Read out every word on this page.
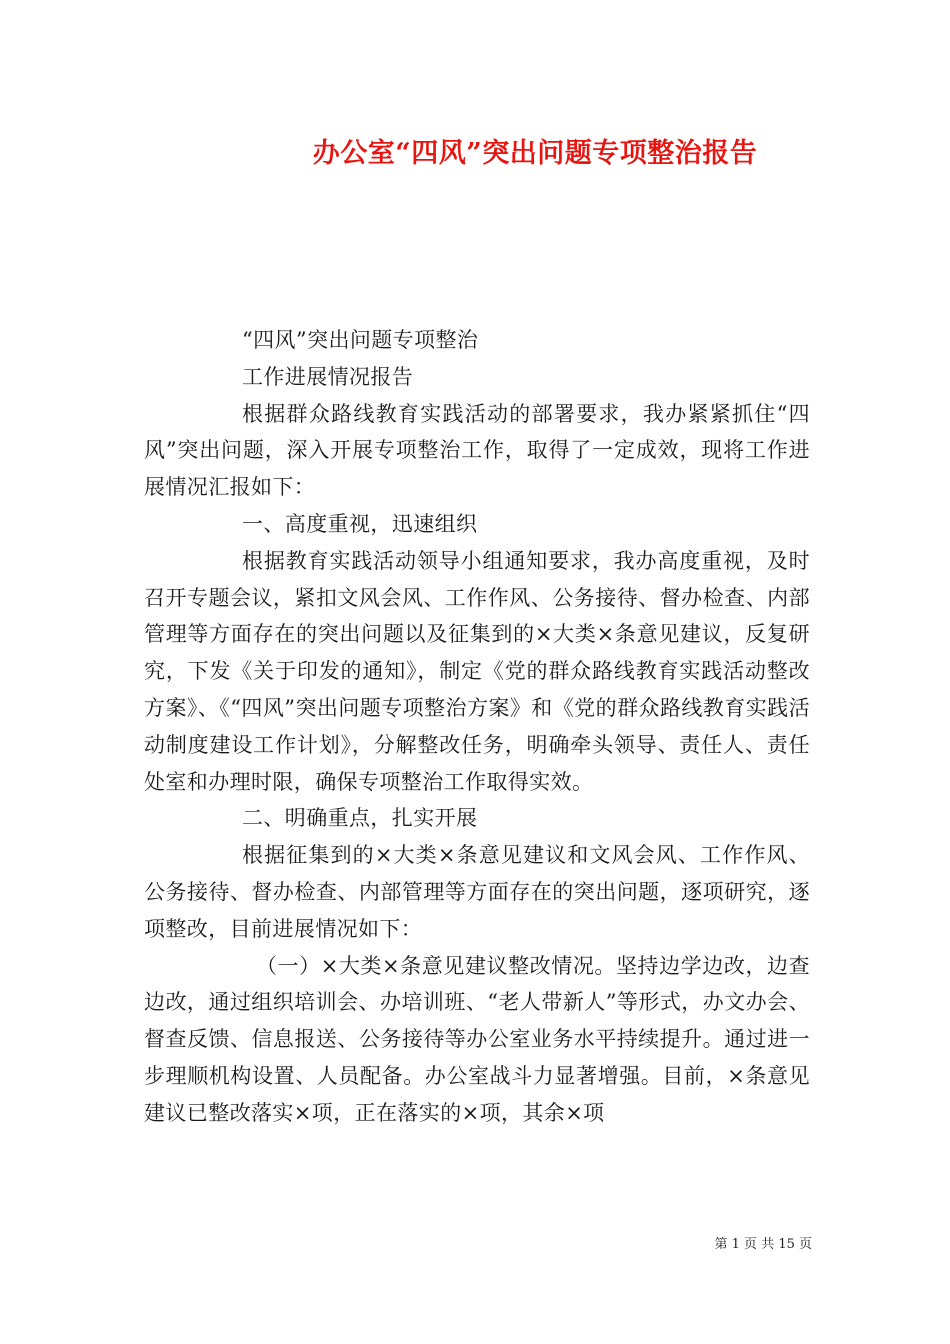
办公室“四风”突出问题专项整治报告

“四风”突出问题专项整治

工作进展情况报告

根据群众路线教育实践活动的部署要求，我办紧紧抓住“四风”突出问题，深入开展专项整治工作，取得了一定成效，现将工作进展情况汇报如下：

一、高度重视，迅速组织

根据教育实践活动领导小组通知要求，我办高度重视，及时召开专题会议，紧扣文风会风、工作作风、公务接待、督办检查、内部管理等方面存在的突出问题以及征集到的×大类×条意见建议，反复研究，下发《关于印发的通知》，制定《党的群众路线教育实践活动整改方案》、《“四风”突出问题专项整治方案》和《党的群众路线教育实践活动制度建设工作计划》，分解整改任务，明确牵头领导、责任人、责任处室和办理时限，确保专项整治工作取得实效。

二、明确重点，扎实开展

根据征集到的×大类×条意见建议和文风会风、工作作风、公务接待、督办检查、内部管理等方面存在的突出问题，逐项研究，逐项整改，目前进展情况如下：

（一）×大类×条意见建议整改情况。坚持边学边改，边查边改，通过组织培训会、办培训班、“老人带新人”等形式，办文办会、督查反馈、信息报送、公务接待等办公室业务水平持续提升。通过进一步理顺机构设置、人员配备。办公室战斗力显著增强。目前，×条意见建议已整改落实×项，正在落实的×项，其余×项

第 1 页 共 15 页
